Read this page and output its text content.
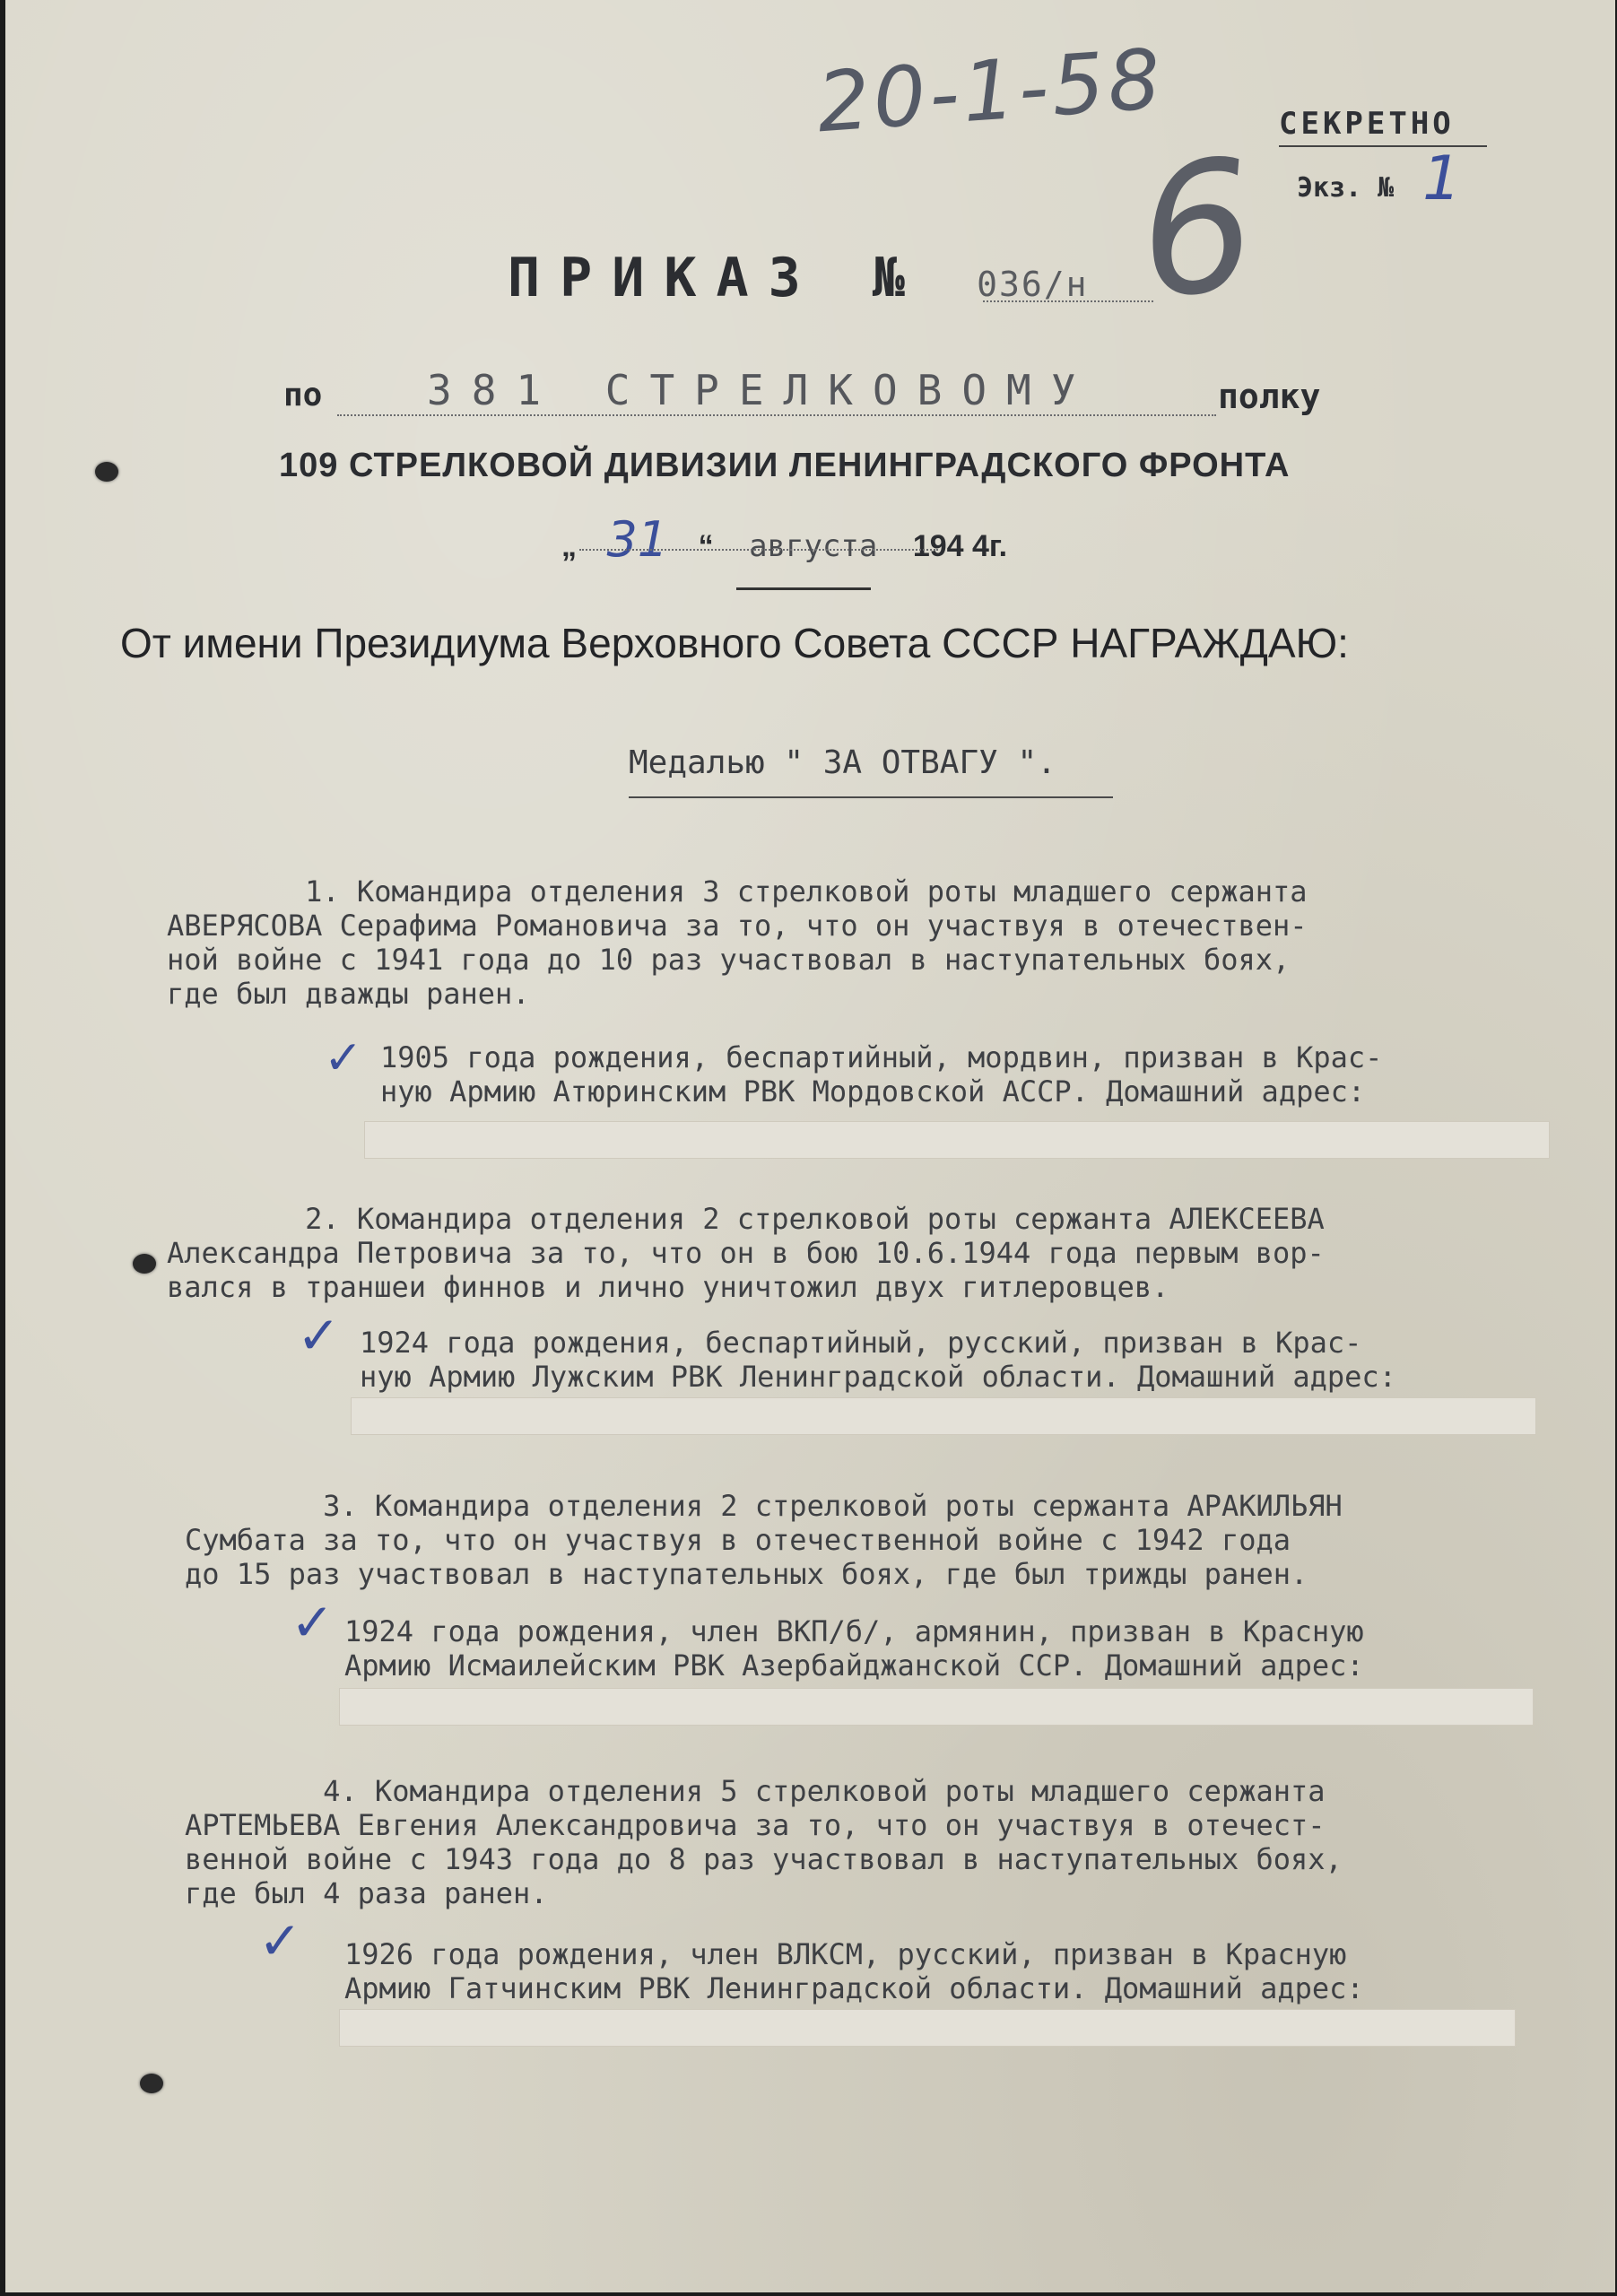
20-1-58
6 СЕКРЕТНО
Экз. № 1
ПРИКАЗ № 036/н
по	381 СТРЕЛКОВОМУ	полку
109 СТРЕЛКОВОЙ ДИВИЗИИ ЛЕНИНГРАДСКОГО ФРОНТА
„ 31 “ августа 194 4г.
От имени Президиума Верховного Совета СССР НАГРАЖДАЮ:
Медалью " ЗА ОТВАГУ ".
1. Командира отделения 3 стрелковой роты младшего сержанта
АВЕРЯСОВА Серафима Романовича за то, что он участвуя в отечествен-
ной войне с 1941 года до 10 раз участвовал в наступательных боях,
где был дважды ранен.
✓ 1905 года рождения, беспартийный, мордвин, призван в Крас-
ную Армию Атюринским РВК Мордовской АССР. Домашний адрес:
2. Командира отделения 2 стрелковой роты сержанта АЛЕКСЕЕВА
Александра Петровича за то, что он в бою 10.6.1944 года первым вор-
вался в траншеи финнов и лично уничтожил двух гитлеровцев.
✓ 1924 года рождения, беспартийный, русский, призван в Крас-
ную Армию Лужским РВК Ленинградской области. Домашний адрес:
3. Командира отделения 2 стрелковой роты сержанта АРАКИЛЬЯН
Сумбата за то, что он участвуя в отечественной войне с 1942 года
до 15 раз участвовал в наступательных боях, где был трижды ранен.
✓ 1924 года рождения, член ВКП/б/, армянин, призван в Красную
Армию Исмаилейским РВК Азербайджанской ССР. Домашний адрес:
4. Командира отделения 5 стрелковой роты младшего сержанта
АРТЕМЬЕВА Евгения Александровича за то, что он участвуя в отечест-
венной войне с 1943 года до 8 раз участвовал в наступательных боях,
где был 4 раза ранен.
✓ 1926 года рождения, член ВЛКСМ, русский, призван в Красную
Армию Гатчинским РВК Ленинградской области. Домашний адрес:
